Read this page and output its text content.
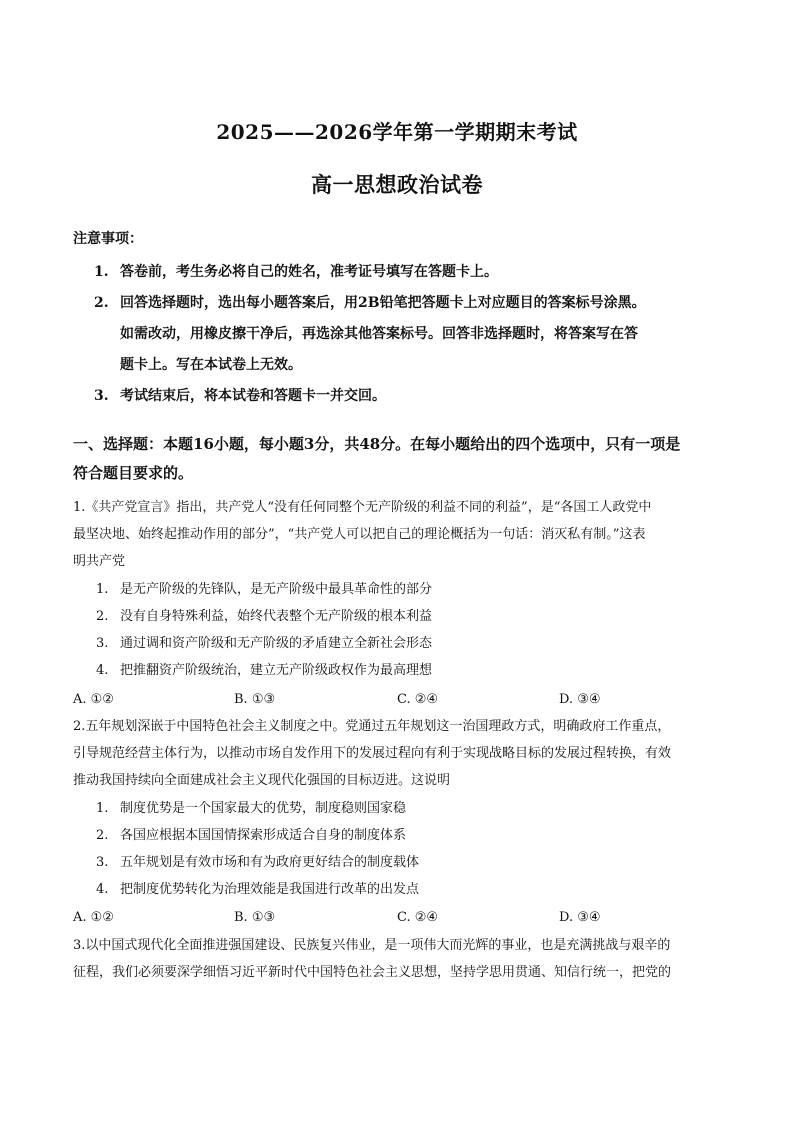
2025——2026学年第一学期期末考试
高一思想政治试卷
注意事项：
1. 答卷前，考生务必将自己的姓名，准考证号填写在答题卡上。
2. 回答选择题时，选出每小题答案后，用2B铅笔把答题卡上对应题目的答案标号涂黑。
如需改动，用橡皮擦干净后，再选涂其他答案标号。回答非选择题时，将答案写在答
题卡上。写在本试卷上无效。
3. 考试结束后，将本试卷和答题卡一并交回。
一、选择题：本题16小题，每小题3分，共48分。在每小题给出的四个选项中，只有一项是
符合题目要求的。
1.《共产党宣言》指出，共产党人“没有任何同整个无产阶级的利益不同的利益”，是“各国工人政党中
最坚决地、始终起推动作用的部分”，“共产党人可以把自己的理论概括为一句话：消灭私有制。”这表
明共产党
1. 是无产阶级的先锋队，是无产阶级中最具革命性的部分
2. 没有自身特殊利益，始终代表整个无产阶级的根本利益
3. 通过调和资产阶级和无产阶级的矛盾建立全新社会形态
4. 把推翻资产阶级统治，建立无产阶级政权作为最高理想
A. ①②	B. ①③	C. ②④	D. ③④
2.五年规划深嵌于中国特色社会主义制度之中。党通过五年规划这一治国理政方式，明确政府工作重点，
引导规范经营主体行为，以推动市场自发作用下的发展过程向有利于实现战略目标的发展过程转换，有效
推动我国持续向全面建成社会主义现代化强国的目标迈进。这说明
1. 制度优势是一个国家最大的优势，制度稳则国家稳
2. 各国应根据本国国情探索形成适合自身的制度体系
3. 五年规划是有效市场和有为政府更好结合的制度载体
4. 把制度优势转化为治理效能是我国进行改革的出发点
A. ①②	B. ①③	C. ②④	D. ③④
3.以中国式现代化全面推进强国建设、民族复兴伟业，是一项伟大而光辉的事业，也是充满挑战与艰辛的
征程，我们必须要深学细悟习近平新时代中国特色社会主义思想，坚持学思用贯通、知信行统一，把党的
